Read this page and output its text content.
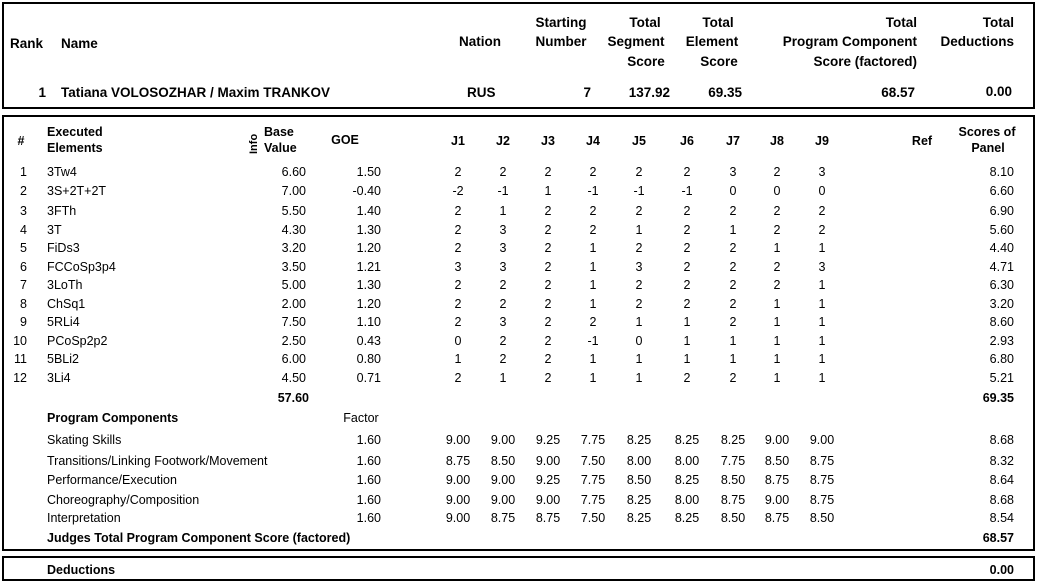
Rank Name	Nation
Starting
Number
Total
Segment
Score
Total
Element
Score
Total
Program Component
Score (factored)
Total
Deductions
1 Tatiana VOLOSOZHAR / Maxim TRANKOV	RUS	7	137.92	69.35	68.57	0.00
#
Executed
Elements	Info
Base
Value
GOE	J1	J2	J3	J4	J5	J6	J7	J8	J9	Ref
Scores of
Panel
1 3Tw4	6.60	1.50	2	2	2	2	2	2	3	2	3	8.10
2 3S+2T+2T	7.00	-0.40	-2	-1	1	-1	-1	-1	0	0	0	6.60
3 3FTh	5.50	1.40	2	1	2	2	2	2	2	2	2	6.90
4 3T	4.30	1.30	2	3	2	2	1	2	1	2	2	5.60
5 FiDs3	3.20	1.20	2	3	2	1	2	2	2	1	1	4.40
6 FCCoSp3p4	3.50	1.21	3	3	2	1	3	2	2	2	3	4.71
7 3LoTh	5.00	1.30	2	2	2	1	2	2	2	2	1	6.30
8 ChSq1	2.00	1.20	2	2	2	1	2	2	2	1	1	3.20
9 5RLi4	7.50	1.10	2	3	2	2	1	1	2	1	1	8.60
10 PCoSp2p2	2.50	0.43	0	2	2	-1	0	1	1	1	1	2.93
11 5BLi2	6.00	0.80	1	2	2	1	1	1	1	1	1	6.80
12 3Li4	4.50	0.71	2	1	2	1	1	2	2	1	1	5.21
57.60	69.35
Program Components	Factor
Skating Skills	1.60	9.00	9.00	9.25	7.75	8.25	8.25	8.25	9.00	9.00	8.68
Transitions/Linking Footwork/Movement	1.60	8.75	8.50	9.00	7.50	8.00	8.00	7.75	8.50	8.75	8.32
Performance/Execution	1.60	9.00	9.00	9.25	7.75	8.50	8.25	8.50	8.75	8.75	8.64
Choreography/Composition	1.60	9.00	9.00	9.00	7.75	8.25	8.00	8.75	9.00	8.75	8.68
Interpretation	1.60	9.00	8.75	8.75	7.50	8.25	8.25	8.50	8.75	8.50	8.54
Judges Total Program Component Score (factored)	68.57
Deductions	0.00
